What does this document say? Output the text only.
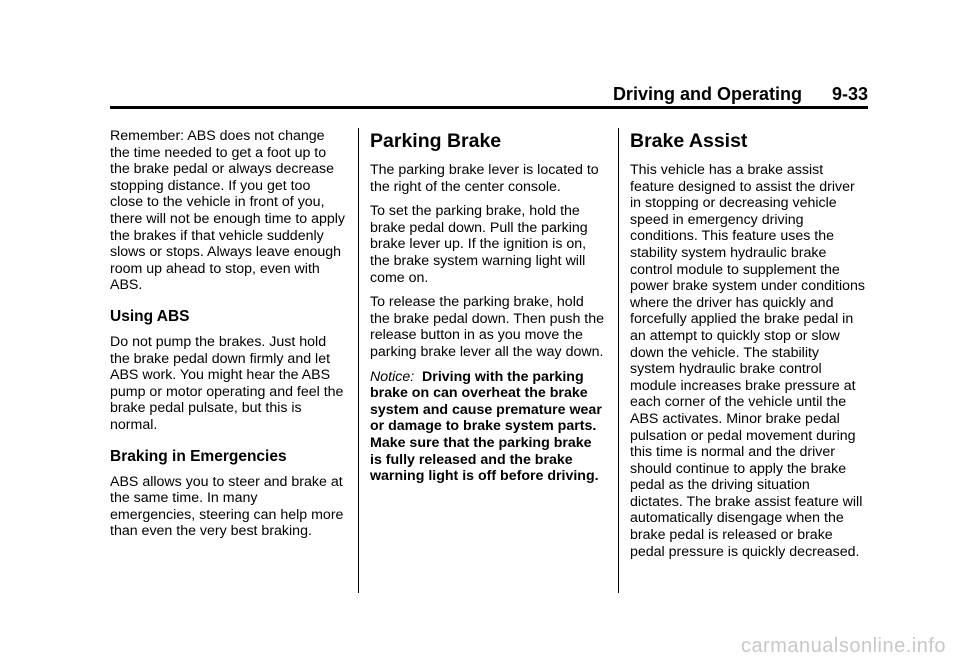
Driving and Operating 9-33

Remember: ABS does not change the time needed to get a foot up to the brake pedal or always decrease stopping distance. If you get too close to the vehicle in front of you, there will not be enough time to apply the brakes if that vehicle suddenly slows or stops. Always leave enough room up ahead to stop, even with ABS.

Using ABS

Do not pump the brakes. Just hold the brake pedal down firmly and let ABS work. You might hear the ABS pump or motor operating and feel the brake pedal pulsate, but this is normal.

Braking in Emergencies

ABS allows you to steer and brake at the same time. In many emergencies, steering can help more than even the very best braking.

Parking Brake

The parking brake lever is located to the right of the center console.

To set the parking brake, hold the brake pedal down. Pull the parking brake lever up. If the ignition is on, the brake system warning light will come on.

To release the parking brake, hold the brake pedal down. Then push the release button in as you move the parking brake lever all the way down.

Notice: Driving with the parking brake on can overheat the brake system and cause premature wear or damage to brake system parts. Make sure that the parking brake is fully released and the brake warning light is off before driving.

Brake Assist

This vehicle has a brake assist feature designed to assist the driver in stopping or decreasing vehicle speed in emergency driving conditions. This feature uses the stability system hydraulic brake control module to supplement the power brake system under conditions where the driver has quickly and forcefully applied the brake pedal in an attempt to quickly stop or slow down the vehicle. The stability system hydraulic brake control module increases brake pressure at each corner of the vehicle until the ABS activates. Minor brake pedal pulsation or pedal movement during this time is normal and the driver should continue to apply the brake pedal as the driving situation dictates. The brake assist feature will automatically disengage when the brake pedal is released or brake pedal pressure is quickly decreased.

carmanualsonline.info
